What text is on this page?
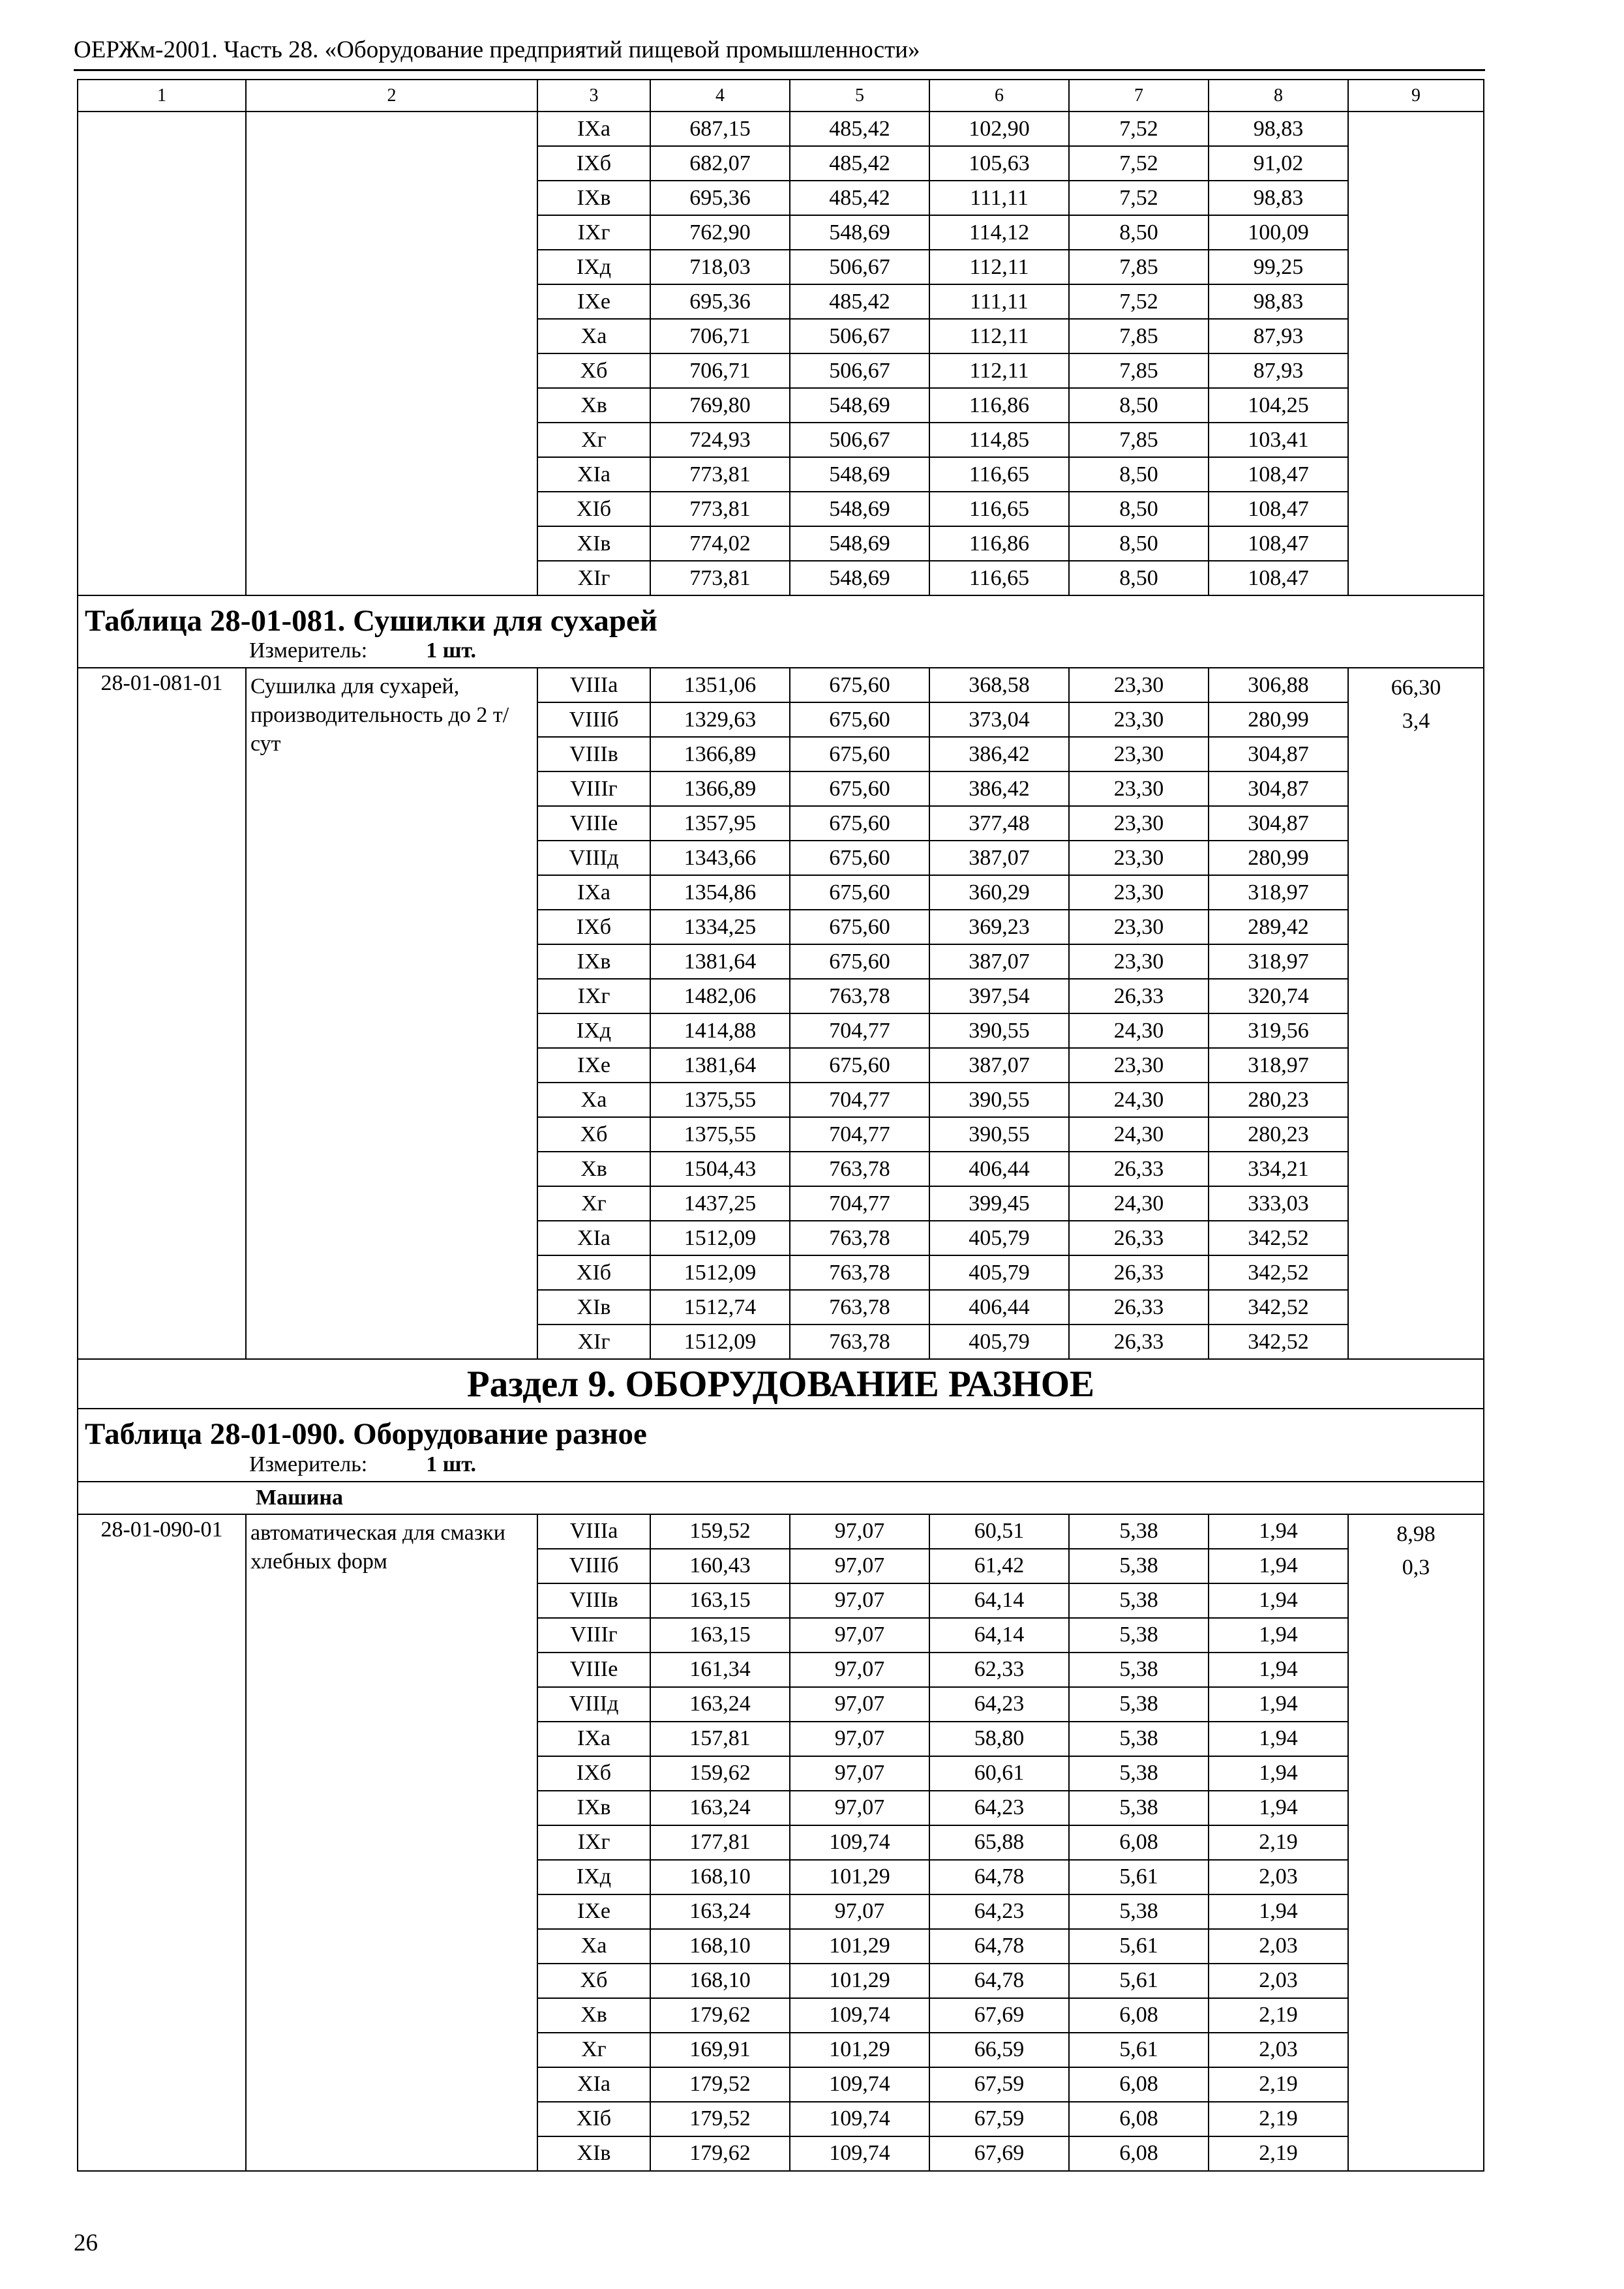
ОЕРЖм-2001. Часть 28. «Оборудование предприятий пищевой промышленности»
1	2	3	4	5	6	7	8	9
		IXа	687,15	485,42	102,90	7,52	98,83	
		IXб	682,07	485,42	105,63	7,52	91,02	
		IXв	695,36	485,42	111,11	7,52	98,83	
		IXг	762,90	548,69	114,12	8,50	100,09	
		IXд	718,03	506,67	112,11	7,85	99,25	
		IXе	695,36	485,42	111,11	7,52	98,83	
		Xа	706,71	506,67	112,11	7,85	87,93	
		Xб	706,71	506,67	112,11	7,85	87,93	
		Xв	769,80	548,69	116,86	8,50	104,25	
		Xг	724,93	506,67	114,85	7,85	103,41	
		XIа	773,81	548,69	116,65	8,50	108,47	
		XIб	773,81	548,69	116,65	8,50	108,47	
		XIв	774,02	548,69	116,86	8,50	108,47	
		XIг	773,81	548,69	116,65	8,50	108,47	

Таблица 28-01-081. Сушилки для сухарей
Измеритель: 1 шт.								

28-01-081-01	Сушилка для сухарей, производительность до 2 т/сут	VIIIа	1351,06	675,60	368,58	23,30	306,88	66,30
3,4

		VIIIб	1329,63	675,60	373,04	23,30	280,99	
		VIIIв	1366,89	675,60	386,42	23,30	304,87	
		VIIIг	1366,89	675,60	386,42	23,30	304,87	
		VIIIе	1357,95	675,60	377,48	23,30	304,87	
		VIIIд	1343,66	675,60	387,07	23,30	280,99	
		IXа	1354,86	675,60	360,29	23,30	318,97	
		IXб	1334,25	675,60	369,23	23,30	289,42	
		IXв	1381,64	675,60	387,07	23,30	318,97	
		IXг	1482,06	763,78	397,54	26,33	320,74	
		IXд	1414,88	704,77	390,55	24,30	319,56	
		IXе	1381,64	675,60	387,07	23,30	318,97	
		Xа	1375,55	704,77	390,55	24,30	280,23	
		Xб	1375,55	704,77	390,55	24,30	280,23	
		Xв	1504,43	763,78	406,44	26,33	334,21	
		Xг	1437,25	704,77	399,45	24,30	333,03	
		XIа	1512,09	763,78	405,79	26,33	342,52	
		XIб	1512,09	763,78	405,79	26,33	342,52	
		XIв	1512,74	763,78	406,44	26,33	342,52	
		XIг	1512,09	763,78	405,79	26,33	342,52	
Раздел 9. ОБОРУДОВАНИЕ РАЗНОЕ								

Таблица 28-01-090. Оборудование разное
Измеритель: 1 шт.								

Машина								
28-01-090-01	автоматическая для смазки хлебных форм	VIIIа	159,52	97,07	60,51	5,38	1,94	8,98
0,3

		VIIIб	160,43	97,07	61,42	5,38	1,94	
		VIIIв	163,15	97,07	64,14	5,38	1,94	
		VIIIг	163,15	97,07	64,14	5,38	1,94	
		VIIIе	161,34	97,07	62,33	5,38	1,94	
		VIIIд	163,24	97,07	64,23	5,38	1,94	
		IXа	157,81	97,07	58,80	5,38	1,94	
		IXб	159,62	97,07	60,61	5,38	1,94	
		IXв	163,24	97,07	64,23	5,38	1,94	
		IXг	177,81	109,74	65,88	6,08	2,19	
		IXд	168,10	101,29	64,78	5,61	2,03	
		IXе	163,24	97,07	64,23	5,38	1,94	
		Xа	168,10	101,29	64,78	5,61	2,03	
		Xб	168,10	101,29	64,78	5,61	2,03	
		Xв	179,62	109,74	67,69	6,08	2,19	
		Xг	169,91	101,29	66,59	5,61	2,03	
		XIа	179,52	109,74	67,59	6,08	2,19	
		XIб	179,52	109,74	67,59	6,08	2,19	
		XIв	179,62	109,74	67,69	6,08	2,19	
26
